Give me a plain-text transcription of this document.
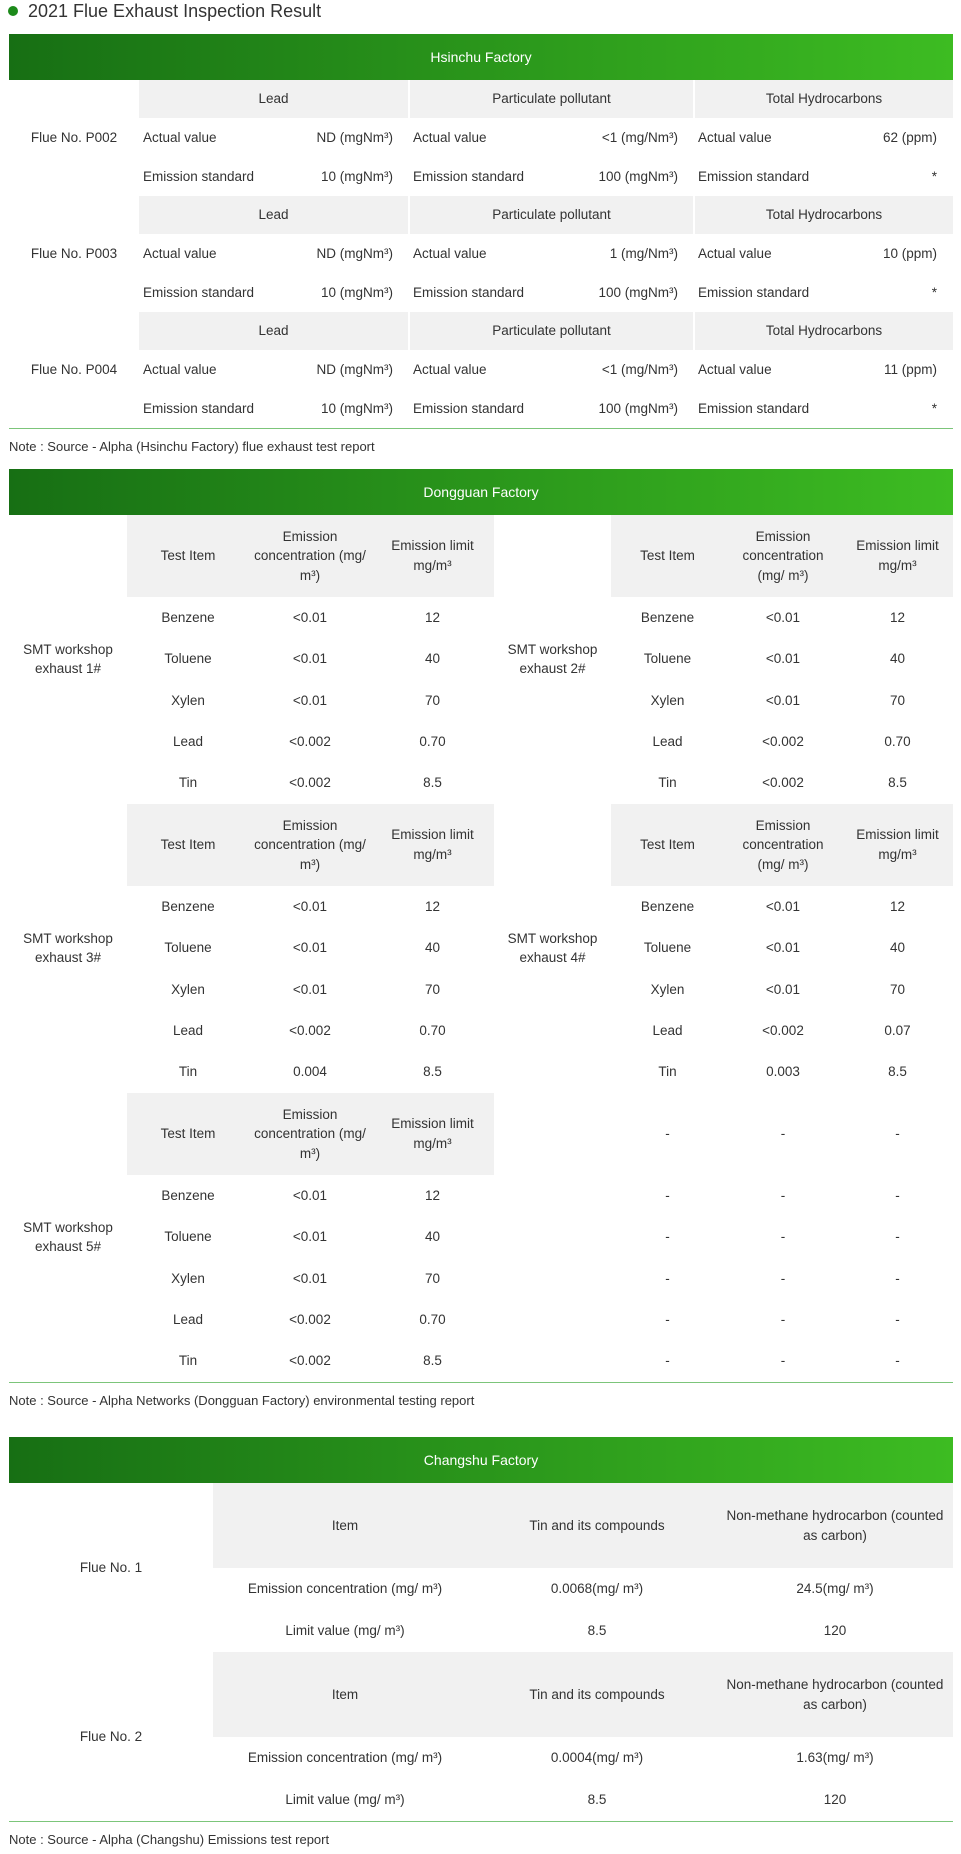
2021 Flue Exhaust Inspection Result
Hsinchu Factory
Flue No. P002	Lead		Particulate pollutant		Total Hydrocarbons	
	Actual value	ND (mgNm³)	Actual value	<1 (mg/Nm³)	Actual value	62 (ppm)
	Emission standard	10 (mgNm³)	Emission standard	100 (mgNm³)	Emission standard	*
Flue No. P003	Lead		Particulate pollutant		Total Hydrocarbons	
	Actual value	ND (mgNm³)	Actual value	1 (mg/Nm³)	Actual value	10 (ppm)
	Emission standard	10 (mgNm³)	Emission standard	100 (mgNm³)	Emission standard	*
Flue No. P004	Lead		Particulate pollutant		Total Hydrocarbons	
	Actual value	ND (mgNm³)	Actual value	<1 (mg/Nm³)	Actual value	11 (ppm)
	Emission standard	10 (mgNm³)	Emission standard	100 (mgNm³)	Emission standard	*
Note : Source - Alpha (Hsinchu Factory) flue exhaust test report
Dongguan Factory
SMT workshop exhaust 1#	Test Item	Emission concentration (mg/ m³)	Emission limit mg/m³	SMT workshop exhaust 2#	Test Item	Emission concentration (mg/ m³)	Emission limit mg/m³
	Benzene	<0.01	12		Benzene	<0.01	12
	Toluene	<0.01	40		Toluene	<0.01	40
	Xylen	<0.01	70		Xylen	<0.01	70
	Lead	<0.002	0.70		Lead	<0.002	0.70
	Tin	<0.002	8.5		Tin	<0.002	8.5
SMT workshop exhaust 3#	Test Item	Emission concentration (mg/ m³)	Emission limit mg/m³	SMT workshop exhaust 4#	Test Item	Emission concentration (mg/ m³)	Emission limit mg/m³
	Benzene	<0.01	12		Benzene	<0.01	12
	Toluene	<0.01	40		Toluene	<0.01	40
	Xylen	<0.01	70		Xylen	<0.01	70
	Lead	<0.002	0.70		Lead	<0.002	0.07
	Tin	0.004	8.5		Tin	0.003	8.5
SMT workshop exhaust 5#	Test Item	Emission concentration (mg/ m³)	Emission limit mg/m³		-	-	-
	Benzene	<0.01	12		-	-	-
	Toluene	<0.01	40		-	-	-
	Xylen	<0.01	70		-	-	-
	Lead	<0.002	0.70		-	-	-
	Tin	<0.002	8.5		-	-	-
Note : Source - Alpha Networks (Dongguan Factory) environmental testing report
Changshu Factory
Flue No. 1	Item	Tin and its compounds	Non-methane hydrocarbon (counted as carbon)
	Emission concentration (mg/ m³)	0.0068(mg/ m³)	24.5(mg/ m³)
	Limit value (mg/ m³)	8.5	120
Flue No. 2	Item	Tin and its compounds	Non-methane hydrocarbon (counted as carbon)
	Emission concentration (mg/ m³)	0.0004(mg/ m³)	1.63(mg/ m³)
	Limit value (mg/ m³)	8.5	120
Note : Source - Alpha (Changshu) Emissions test report
